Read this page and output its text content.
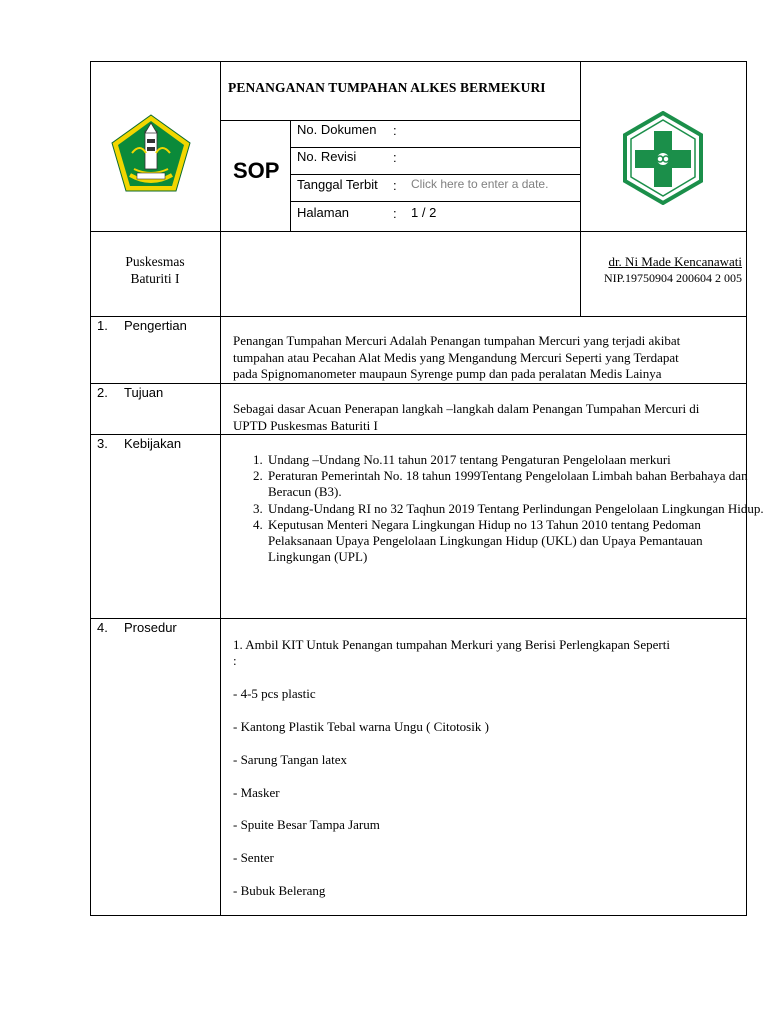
PENANGANAN TUMPAHAN ALKES BERMEKURI
SOP
No. Dokumen :
No. Revisi	:
Tanggal Terbit : Click here to enter a date.
Halaman	: 1 / 2
Puskesmas
Baturiti I
dr. Ni Made Kencanawati
NIP.19750904 200604 2 005
1. Pengertian
Penangan Tumpahan Mercuri Adalah Penangan tumpahan Mercuri yang terjadi akibat
tumpahan atau Pecahan Alat Medis yang Mengandung Mercuri Seperti yang Terdapat
pada Spignomanometer maupaun Syrenge pump dan pada peralatan Medis Lainya
2. Tujuan
Sebagai dasar Acuan Penerapan langkah –langkah dalam Penangan Tumpahan Mercuri di
UPTD Puskesmas Baturiti I
3. Kebijakan
1. Undang –Undang No.11 tahun 2017 tentang Pengaturan Pengelolaan merkuri
2. Peraturan Pemerintah No. 18 tahun 1999Tentang Pengelolaan Limbah bahan Berbahaya dan Beracun (B3).
3. Undang-Undang RI no 32 Taqhun 2019 Tentang Perlindungan Pengelolaan Lingkungan Hidup.
4. Keputusan Menteri Negara Lingkungan Hidup no 13 Tahun 2010 tentang Pedoman Pelaksanaan Upaya Pengelolaan Lingkungan Hidup (UKL) dan Upaya Pemantauan Lingkungan (UPL)
4. Prosedur
1. Ambil KIT Untuk Penangan tumpahan Merkuri yang Berisi Perlengkapan Seperti
:
- 4-5 pcs plastic
- Kantong Plastik Tebal warna Ungu ( Citotosik )
- Sarung Tangan latex
- Masker
- Spuite Besar Tampa Jarum
- Senter
- Bubuk Belerang
